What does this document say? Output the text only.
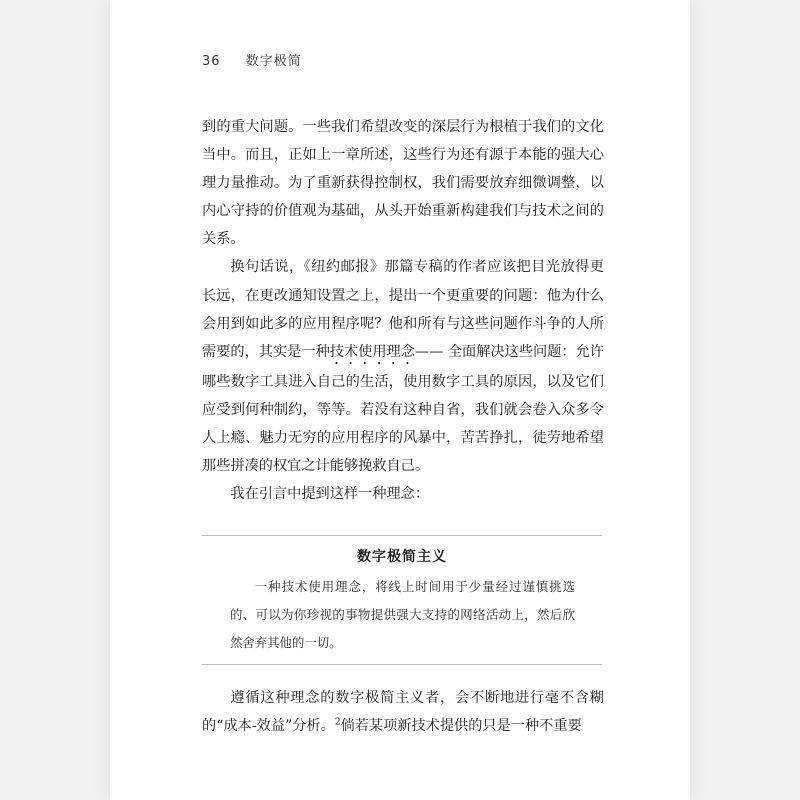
36 数字极简

到的重大问题。一些我们希望改变的深层行为根植于我们的文化当中。而且，正如上一章所述，这些行为还有源于本能的强大心理力量推动。为了重新获得控制权，我们需要放弃细微调整，以内心守持的价值观为基础，从头开始重新构建我们与技术之间的关系。

换句话说，《纽约邮报》那篇专稿的作者应该把目光放得更长远，在更改通知设置之上，提出一个更重要的问题：他为什么会用到如此多的应用程序呢？他和所有与这些问题作斗争的人所需要的，其实是一种技术使用理念—— 全面解决这些问题：允许哪些数字工具进入自己的生活，使用数字工具的原因，以及它们应受到何种制约，等等。若没有这种自省，我们就会卷入众多令人上瘾、魅力无穷的应用程序的风暴中，苦苦挣扎，徒劳地希望那些拼凑的权宜之计能够挽救自己。

我在引言中提到这样一种理念：

数字极简主义
一种技术使用理念，将线上时间用于少量经过谨慎挑选的、可以为你珍视的事物提供强大支持的网络活动上，然后欣然舍弃其他的一切。

遵循这种理念的数字极简主义者，会不断地进行毫不含糊的“成本-效益”分析。$^2$倘若某项新技术提供的只是一种不重要
